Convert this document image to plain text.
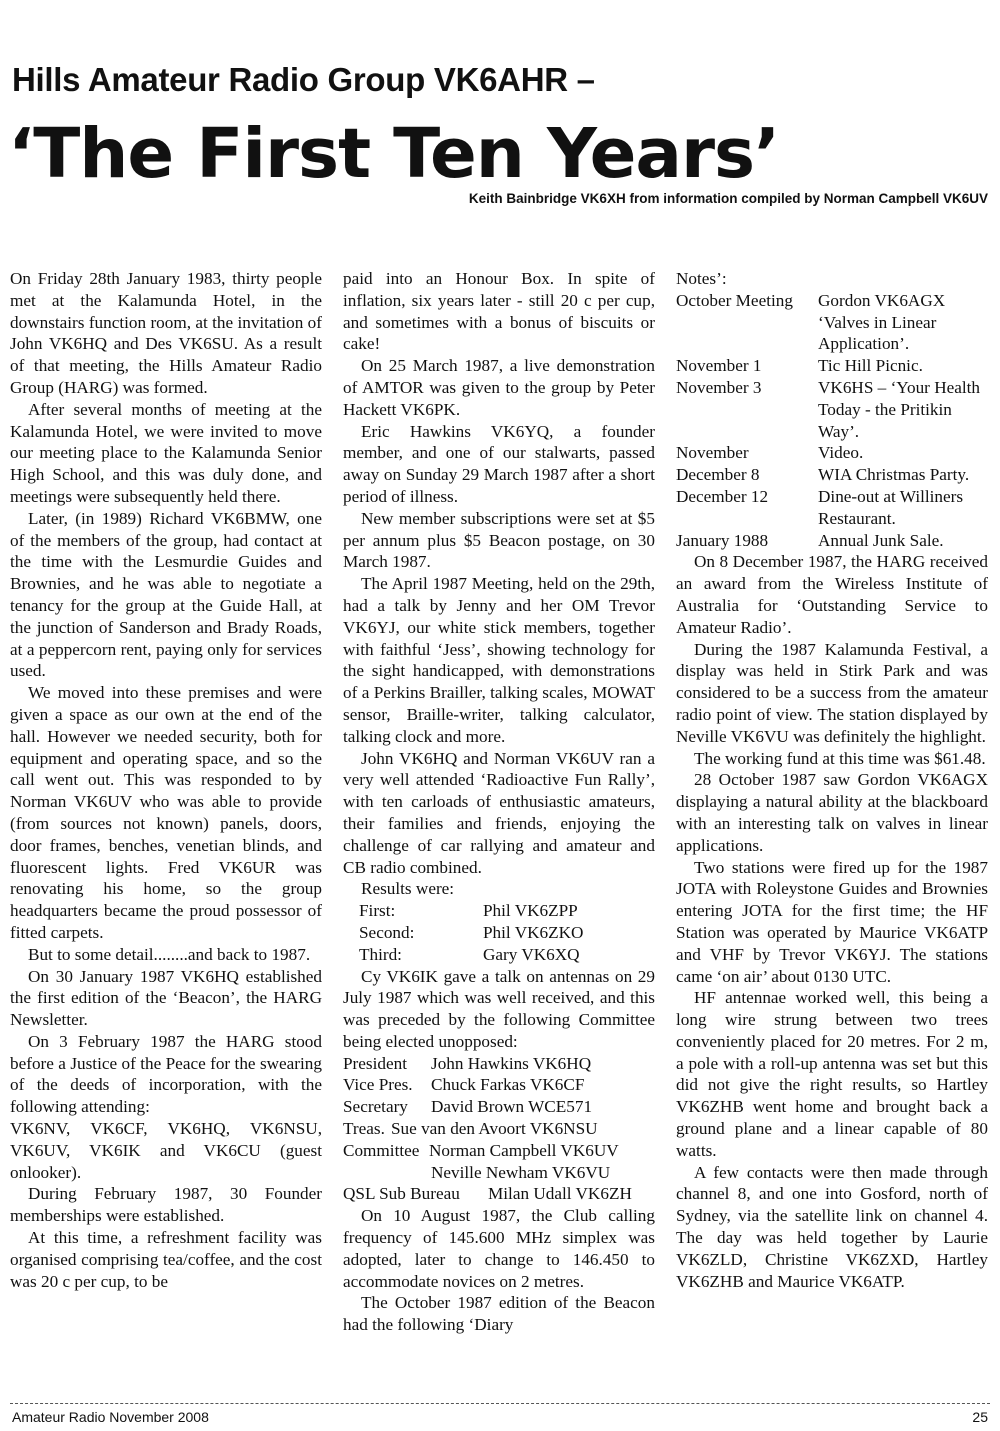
Hills Amateur Radio Group VK6AHR –
‘The First Ten Years’
Keith Bainbridge VK6XH from information compiled by Norman Campbell VK6UV

On Friday 28th January 1983, thirty people met at the Kalamunda Hotel, in the downstairs function room, at the invitation of John VK6HQ and Des VK6SU. As a result of that meeting, the Hills Amateur Radio Group (HARG) was formed.

After several months of meeting at the Kalamunda Hotel, we were invited to move our meeting place to the Kalamunda Senior High School, and this was duly done, and meetings were subsequently held there.

Later, (in 1989) Richard VK6BMW, one of the members of the group, had contact at the time with the Lesmurdie Guides and Brownies, and he was able to negotiate a tenancy for the group at the Guide Hall, at the junction of Sanderson and Brady Roads, at a peppercorn rent, paying only for services used.

We moved into these premises and were given a space as our own at the end of the hall. However we needed security, both for equipment and operating space, and so the call went out. This was responded to by Norman VK6UV who was able to provide (from sources not known) panels, doors, door frames, benches, venetian blinds, and fluorescent lights. Fred VK6UR was renovating his home, so the group headquarters became the proud possessor of fitted carpets.

But to some detail........and back to 1987.

On 30 January 1987 VK6HQ established the first edition of the ‘Beacon’, the HARG Newsletter.

On 3 February 1987 the HARG stood before a Justice of the Peace for the swearing of the deeds of incorporation, with the following attending:

VK6NV, VK6CF, VK6HQ, VK6NSU, VK6UV, VK6IK and VK6CU (guest onlooker).

During February 1987, 30 Founder memberships were established.

At this time, a refreshment facility was organised comprising tea/coffee, and the cost was 20 c per cup, to be

paid into an Honour Box. In spite of inflation, six years later - still 20 c per cup, and sometimes with a bonus of biscuits or cake!

On 25 March 1987, a live demonstration of AMTOR was given to the group by Peter Hackett VK6PK.

Eric Hawkins VK6YQ, a founder member, and one of our stalwarts, passed away on Sunday 29 March 1987 after a short period of illness.

New member subscriptions were set at $5 per annum plus $5 Beacon postage, on 30 March 1987.

The April 1987 Meeting, held on the 29th, had a talk by Jenny and her OM Trevor VK6YJ, our white stick members, together with faithful ‘Jess’, showing technology for the sight handicapped, with demonstrations of a Perkins Brailler, talking scales, MOWAT sensor, Braille-writer, talking calculator, talking clock and more.

John VK6HQ and Norman VK6UV ran a very well attended ‘Radioactive Fun Rally’, with ten carloads of enthusiastic amateurs, their families and friends, enjoying the challenge of car rallying and amateur and CB radio combined.

Results were:

First:	Phil VK6ZPP
Second:	Phil VK6ZKO
Third:	Gary VK6XQ

Cy VK6IK gave a talk on antennas on 29 July 1987 which was well received, and this was preceded by the following Committee being elected unopposed:

President	John Hawkins VK6HQ
Vice Pres.	Chuck Farkas VK6CF
Secretary	David Brown WCE571
Treas. Sue van den Avoort VK6NSU
Committee Norman Campbell VK6UV
Neville Newham VK6VU
QSL Sub Bureau	Milan Udall VK6ZH

On 10 August 1987, the Club calling frequency of 145.600 MHz simplex was adopted, later to change to 146.450 to accommodate novices on 2 metres.

The October 1987 edition of the Beacon had the following ‘Diary

Notes’:

October Meeting	Gordon VK6AGX ‘Valves in Linear Application’.
November 1	Tic Hill Picnic.
November 3	VK6HS – ‘Your Health Today - the Pritikin Way’.
November	Video.
December 8	WIA Christmas Party.
December 12	Dine-out at Williners Restaurant.
January 1988	Annual Junk Sale.

On 8 December 1987, the HARG received an award from the Wireless Institute of Australia for ‘Outstanding Service to Amateur Radio’.

During the 1987 Kalamunda Festival, a display was held in Stirk Park and was considered to be a success from the amateur radio point of view. The station displayed by Neville VK6VU was definitely the highlight.

The working fund at this time was $61.48.

28 October 1987 saw Gordon VK6AGX displaying a natural ability at the blackboard with an interesting talk on valves in linear applications.

Two stations were fired up for the 1987 JOTA with Roleystone Guides and Brownies entering JOTA for the first time; the HF Station was operated by Maurice VK6ATP and VHF by Trevor VK6YJ. The stations came ‘on air’ about 0130 UTC.

HF antennae worked well, this being a long wire strung between two trees conveniently placed for 20 metres. For 2 m, a pole with a roll-up antenna was set but this did not give the right results, so Hartley VK6ZHB went home and brought back a ground plane and a linear capable of 80 watts.

A few contacts were then made through channel 8, and one into Gosford, north of Sydney, via the satellite link on channel 4. The day was held together by Laurie VK6ZLD, Christine VK6ZXD, Hartley VK6ZHB and Maurice VK6ATP.

Amateur Radio November 2008	25
